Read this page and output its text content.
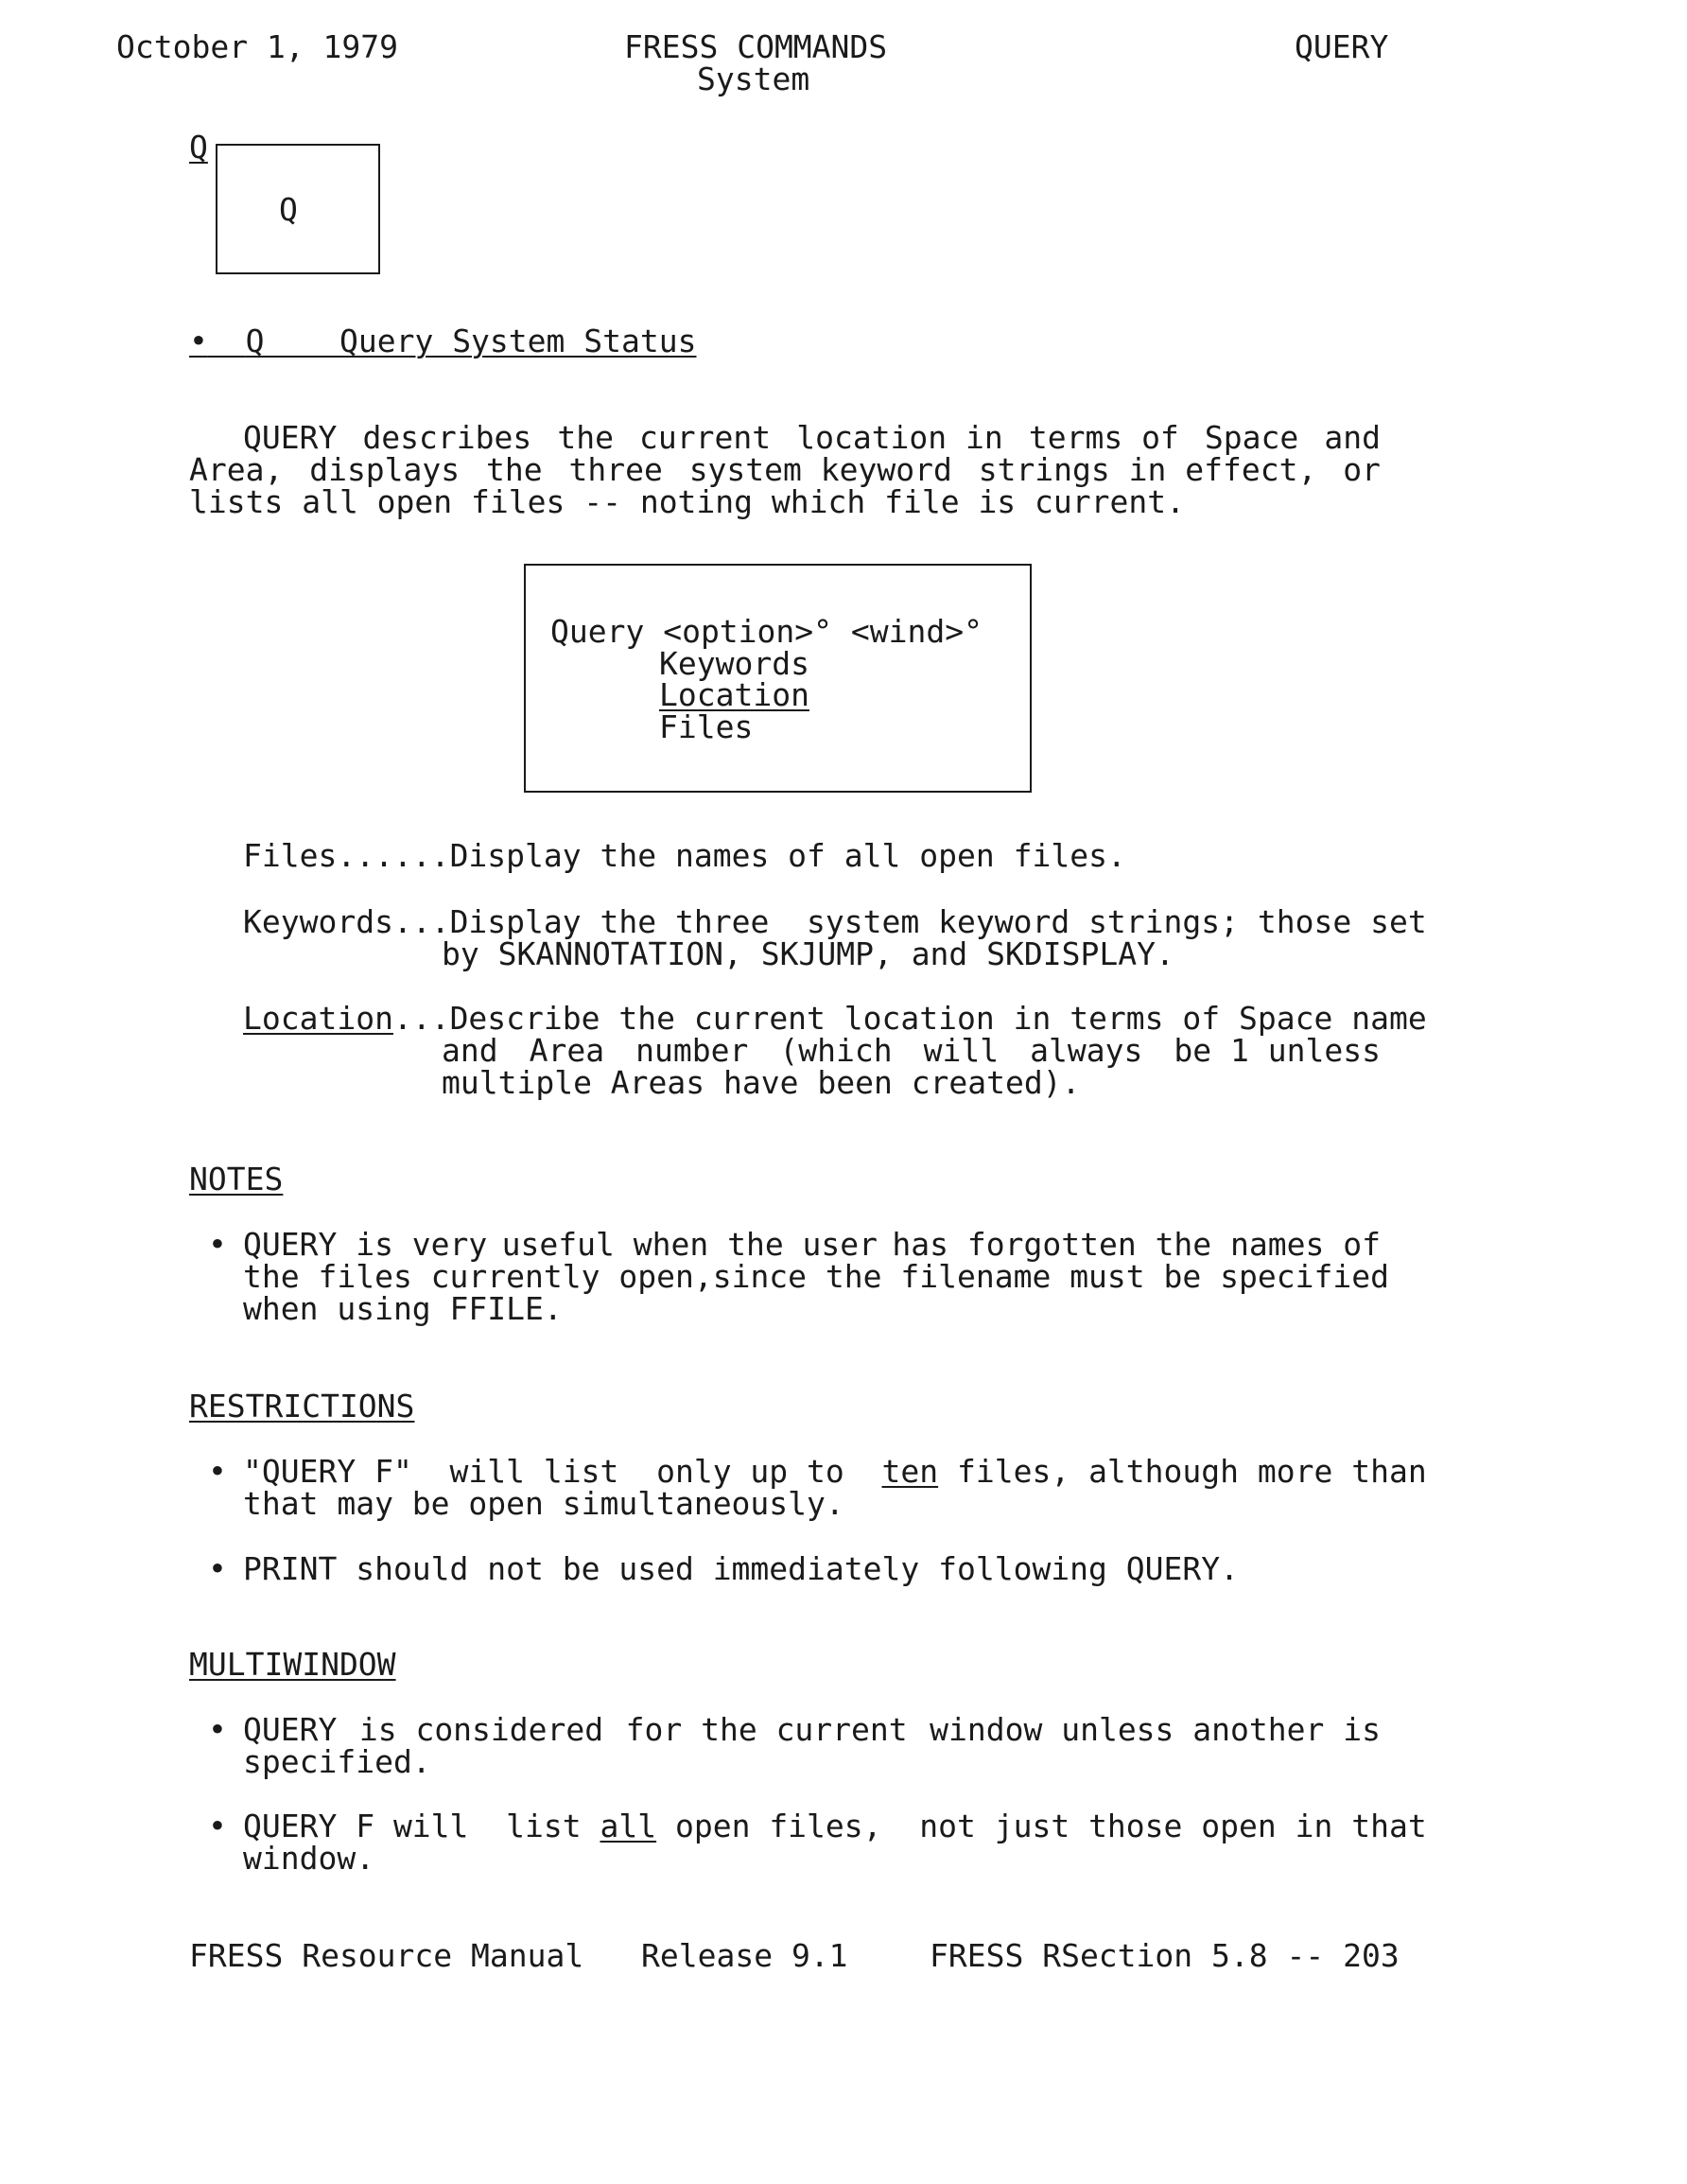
October 1, 1979	FRESS COMMANDS
System
QUERY
Q
Q
• Q Query System Status
QUERY describes the current location in terms of Space and
Area, displays the three system keyword strings in effect, or
lists all open files -- noting which file is current.
Query <option>° <wind>°
Keywords
Location
Files
Files......Display the names of all open files.
Keywords...Display the three  system keyword strings; those set
by SKANNOTATION, SKJUMP, and SKDISPLAY.
Location...Describe the current location in terms of Space name
and Area number (which will always be 1 unless
multiple Areas have been created).
NOTES
• QUERY is very useful when the user has forgotten the names of
the files currently open, since the filename must be specified
when using FFILE.
RESTRICTIONS
• "QUERY F"  will list  only up to  ten files, although more than
that may be open simultaneously.
• PRINT should not be used immediately following QUERY.
MULTIWINDOW
• QUERY is considered for the current window unless another is
specified.
• QUERY F will  list all open files,  not just those open in that
window.
FRESS Resource Manual Release 9.1	FRESS RSection 5.8 -- 203
